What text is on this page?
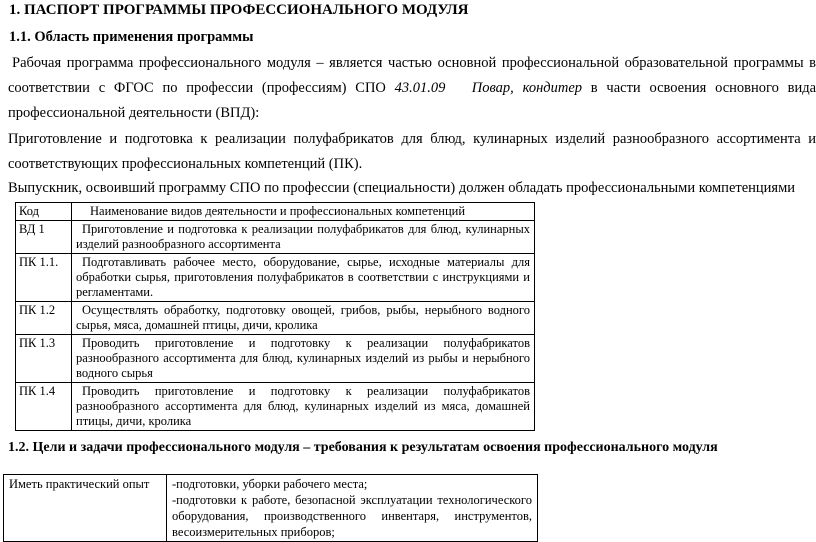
1. ПАСПОРТ ПРОГРАММЫ ПРОФЕССИОНАЛЬНОГО МОДУЛЯ
1.1. Область применения программы

Рабочая программа профессионального модуля – является частью основной профессиональной образовательной программы в соответствии с ФГОС по профессии (профессиям) СПО 43.01.09 Повар, кондитер в части освоения основного вида профессиональной деятельности (ВПД):

Приготовление и подготовка к реализации полуфабрикатов для блюд, кулинарных изделий разнообразного ассортимента и соответствующих профессиональных компетенций (ПК).

Выпускник, освоивший программу СПО по профессии (специальности) должен обладать профессиональными компетенциями

Код	Наименование видов деятельности и профессиональных компетенций
ВД 1	Приготовление и подготовка к реализации полуфабрикатов для блюд, кулинарных изделий разнообразного ассортимента
ПК 1.1.	Подготавливать рабочее место, оборудование, сырье, исходные материалы для обработки сырья, приготовления полуфабрикатов в соответствии с инструкциями и регламентами.
ПК 1.2	Осуществлять обработку, подготовку овощей, грибов, рыбы, нерыбного водного сырья, мяса, домашней птицы, дичи, кролика
ПК 1.3	Проводить приготовление и подготовку к реализации полуфабрикатов разнообразного ассортимента для блюд, кулинарных изделий из рыбы и нерыбного водного сырья
ПК 1.4	Проводить приготовление и подготовку к реализации полуфабрикатов разнообразного ассортимента для блюд, кулинарных изделий из мяса, домашней птицы, дичи, кролика
1.2. Цели и задачи профессионального модуля – требования к результатам освоения профессионального модуля
Иметь практический опыт	-подготовки, уборки рабочего места;
-подготовки к работе, безопасной эксплуатации технологического оборудования, производственного инвентаря, инструментов, весоизмерительных приборов;
